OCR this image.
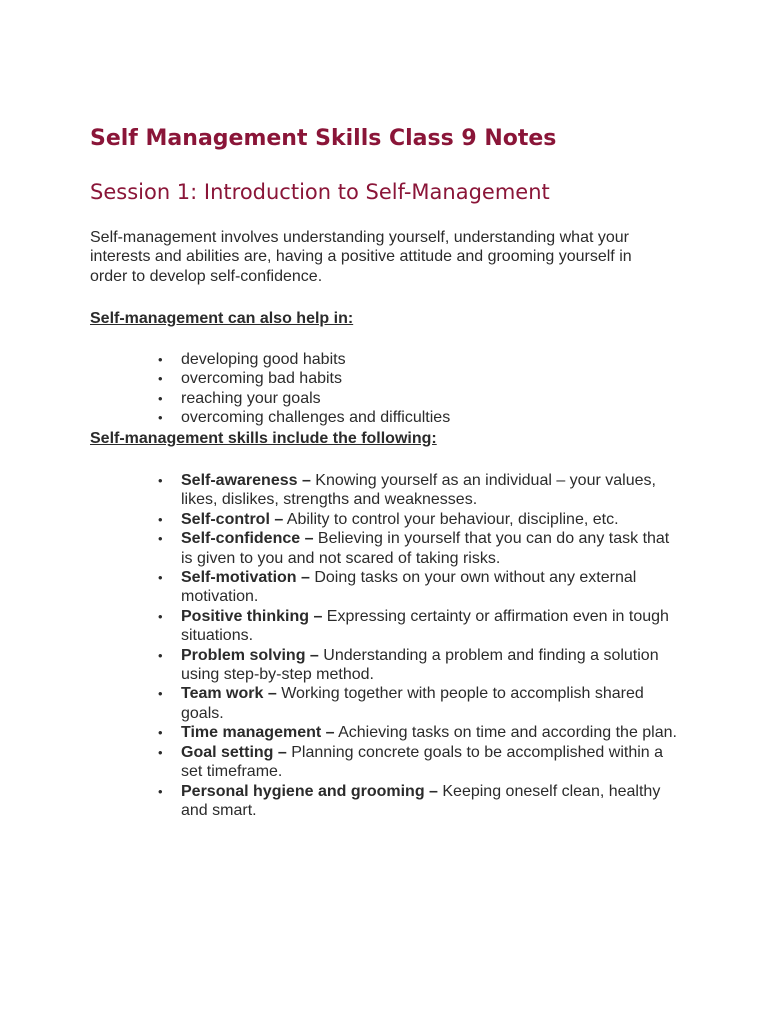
Self Management Skills Class 9 Notes
Session 1: Introduction to Self-Management

Self-management involves understanding yourself, understanding what your interests and abilities are, having a positive attitude and grooming yourself in order to develop self-confidence.

Self-management can also help in:

• developing good habits
• overcoming bad habits
• reaching your goals
• overcoming challenges and difficulties

Self-management skills include the following:

• Self-awareness – Knowing yourself as an individual – your values, likes, dislikes, strengths and weaknesses.
• Self-control – Ability to control your behaviour, discipline, etc.
• Self-confidence – Believing in yourself that you can do any task that is given to you and not scared of taking risks.
• Self-motivation – Doing tasks on your own without any external motivation.
• Positive thinking – Expressing certainty or affirmation even in tough situations.
• Problem solving – Understanding a problem and finding a solution using step-by-step method.
• Team work – Working together with people to accomplish shared goals.
• Time management – Achieving tasks on time and according the plan.
• Goal setting – Planning concrete goals to be accomplished within a set timeframe.
• Personal hygiene and grooming – Keeping oneself clean, healthy and smart.
